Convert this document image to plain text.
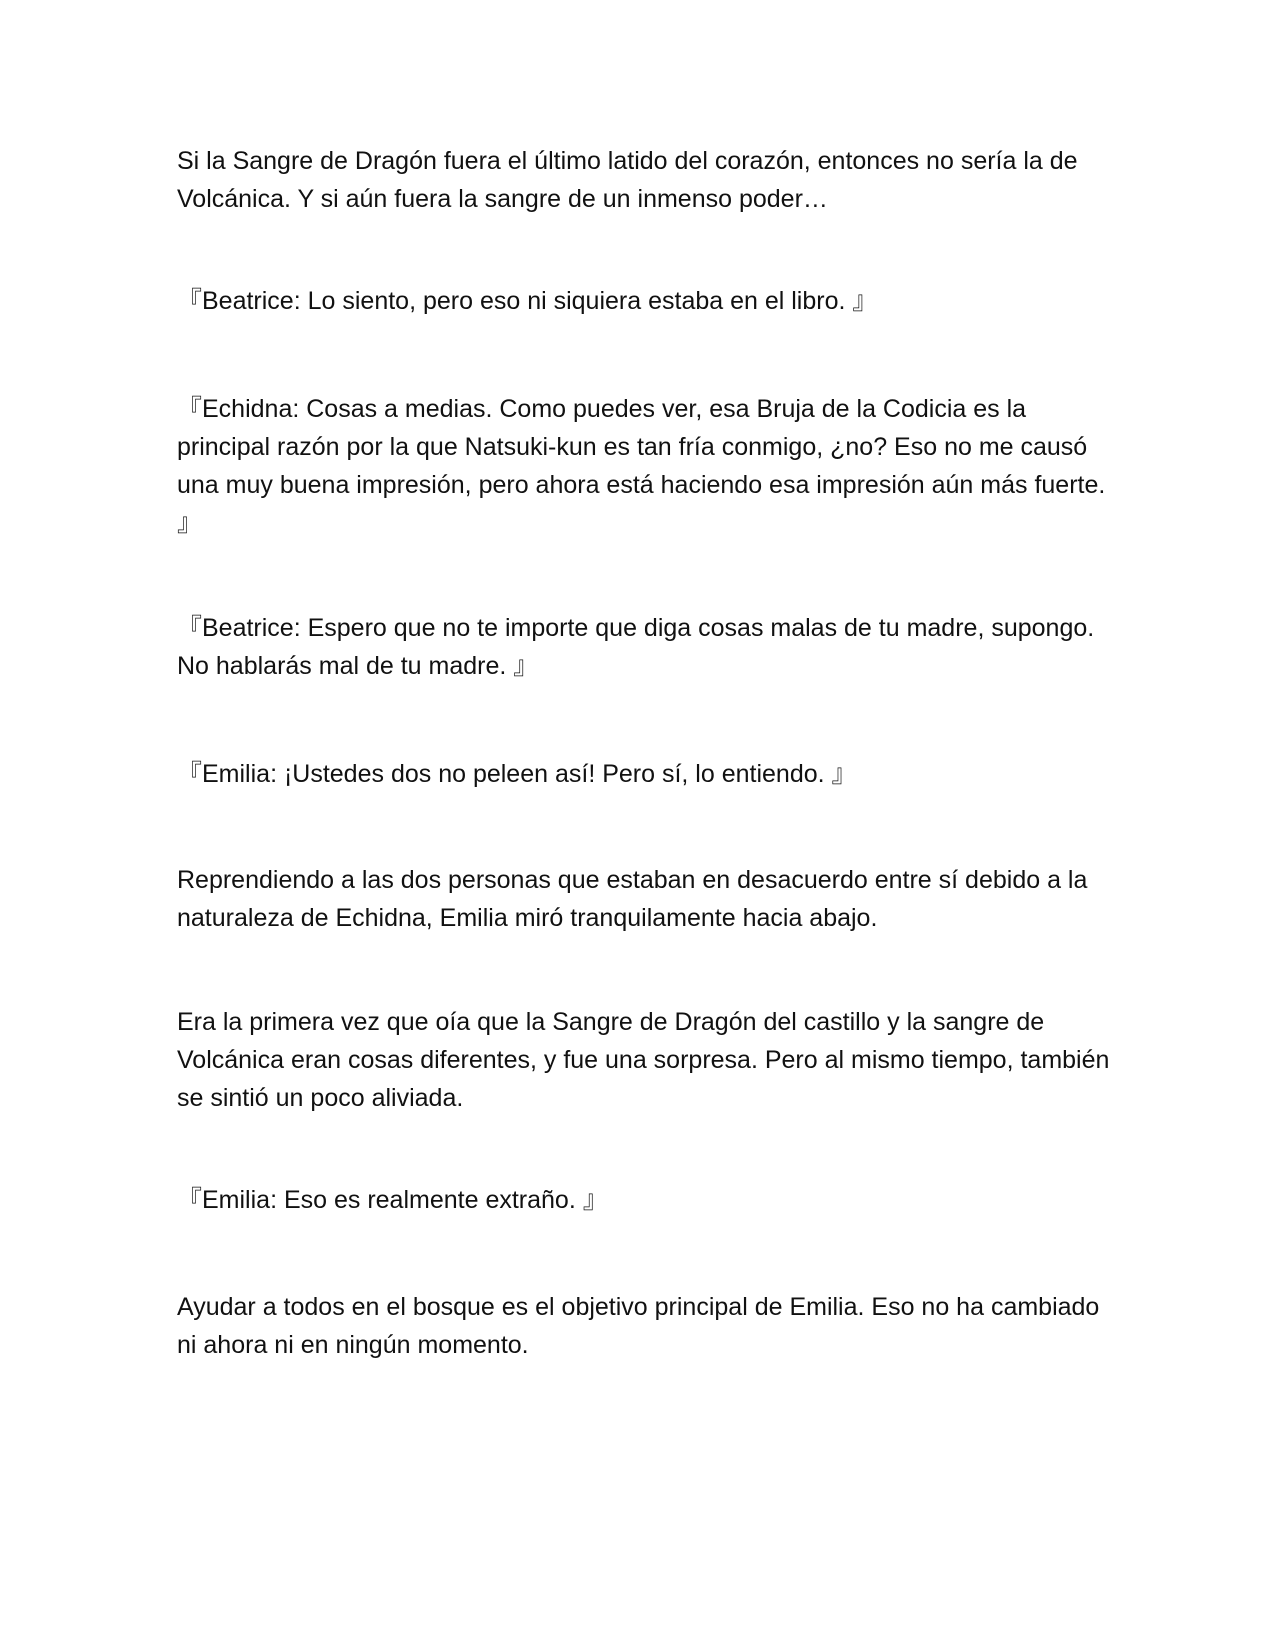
Si la Sangre de Dragón fuera el último latido del corazón, entonces no sería la de Volcánica. Y si aún fuera la sangre de un inmenso poder…

『Beatrice: Lo siento, pero eso ni siquiera estaba en el libro. 』

『Echidna: Cosas a medias. Como puedes ver, esa Bruja de la Codicia es la principal razón por la que Natsuki-kun es tan fría conmigo, ¿no? Eso no me causó una muy buena impresión, pero ahora está haciendo esa impresión aún más fuerte. 』

『Beatrice: Espero que no te importe que diga cosas malas de tu madre, supongo. No hablarás mal de tu madre. 』

『Emilia: ¡Ustedes dos no peleen así! Pero sí, lo entiendo. 』

Reprendiendo a las dos personas que estaban en desacuerdo entre sí debido a la naturaleza de Echidna, Emilia miró tranquilamente hacia abajo.

Era la primera vez que oía que la Sangre de Dragón del castillo y la sangre de Volcánica eran cosas diferentes, y fue una sorpresa. Pero al mismo tiempo, también se sintió un poco aliviada.

『Emilia: Eso es realmente extraño. 』

Ayudar a todos en el bosque es el objetivo principal de Emilia. Eso no ha cambiado ni ahora ni en ningún momento.
